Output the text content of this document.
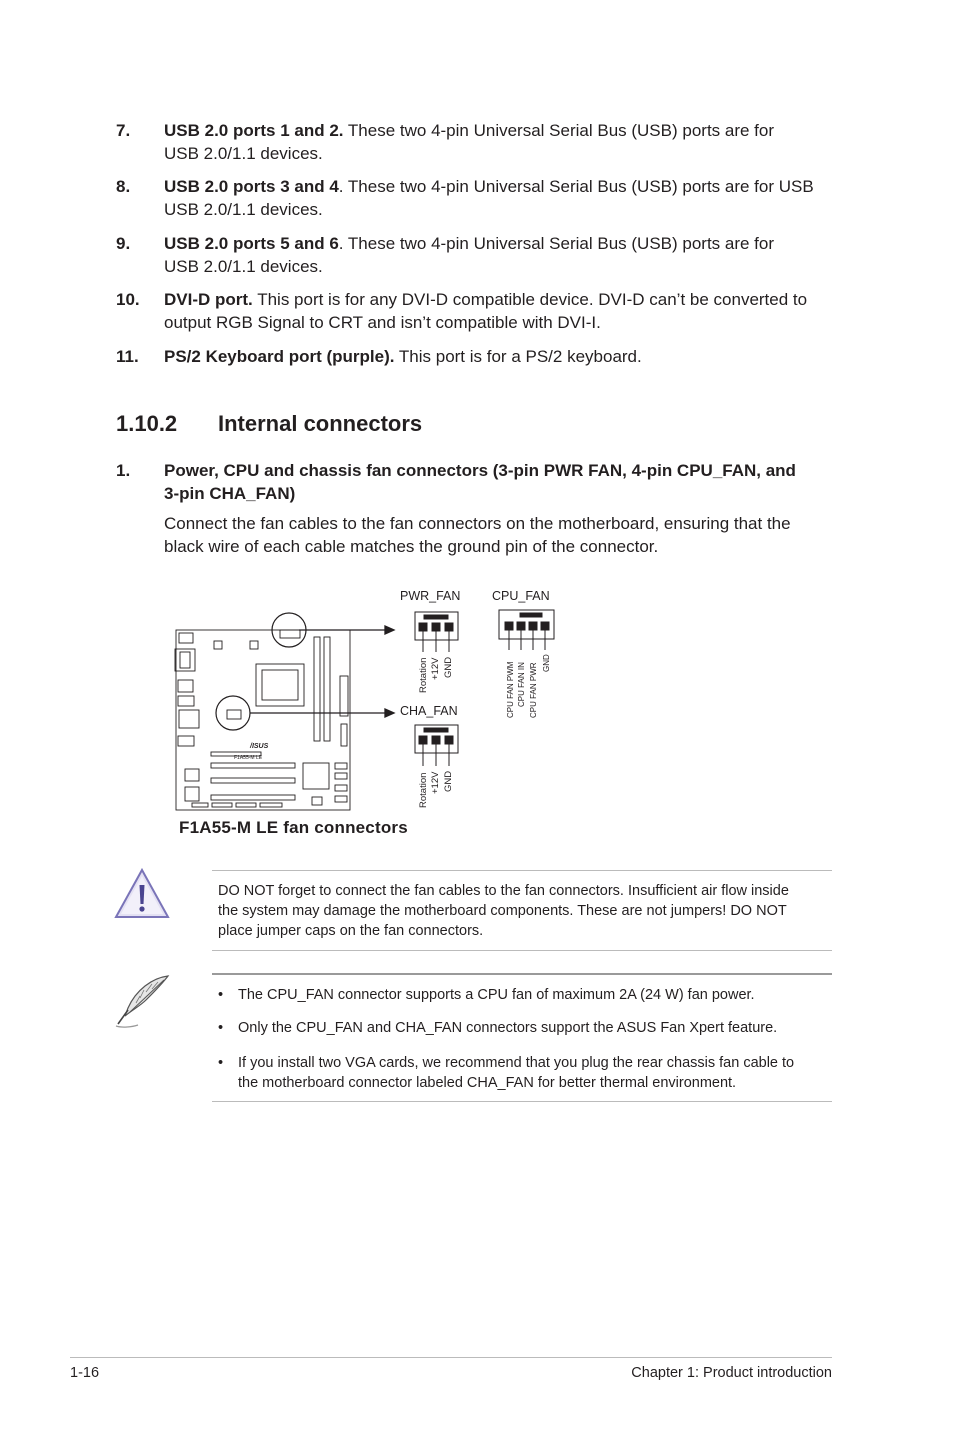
7. USB 2.0 ports 1 and 2. These two 4-pin Universal Serial Bus (USB) ports are for
USB 2.0/1.1 devices.
8. USB 2.0 ports 3 and 4. These two 4-pin Universal Serial Bus (USB) ports are for USB
USB 2.0/1.1 devices.
9. USB 2.0 ports 5 and 6. These two 4-pin Universal Serial Bus (USB) ports are for
USB 2.0/1.1 devices.
10. DVI-D port. This port is for any DVI-D compatible device. DVI-D can’t be converted to
output RGB Signal to CRT and isn’t compatible with DVI-I.
11. PS/2 Keyboard port (purple). This port is for a PS/2 keyboard.
1.10.2 Internal connectors
1. Power, CPU and chassis fan connectors (3-pin PWR FAN, 4-pin CPU_FAN, and
3-pin CHA_FAN)
Connect the fan cables to the fan connectors on the motherboard, ensuring that the
black wire of each cable matches the ground pin of the connector.
/ISUS
F1A55-M LE
PWR_FAN
Rotation +12V GND
CPU_FAN
CPU FAN PWM CPU FAN IN CPU FAN PWR GND
CHA_FAN
Rotation +12V GND
F1A55-M LE fan connectors
DO NOT forget to connect the fan cables to the fan connectors. Insufficient air flow inside
the system may damage the motherboard components. These are not jumpers! DO NOT
place jumper caps on the fan connectors.
• The CPU_FAN connector supports a CPU fan of maximum 2A (24 W) fan power.
• Only the CPU_FAN and CHA_FAN connectors support the ASUS Fan Xpert feature.
• If you install two VGA cards, we recommend that you plug the rear chassis fan cable to
the motherboard connector labeled CHA_FAN for better thermal environment.
1-16	Chapter 1: Product introduction
